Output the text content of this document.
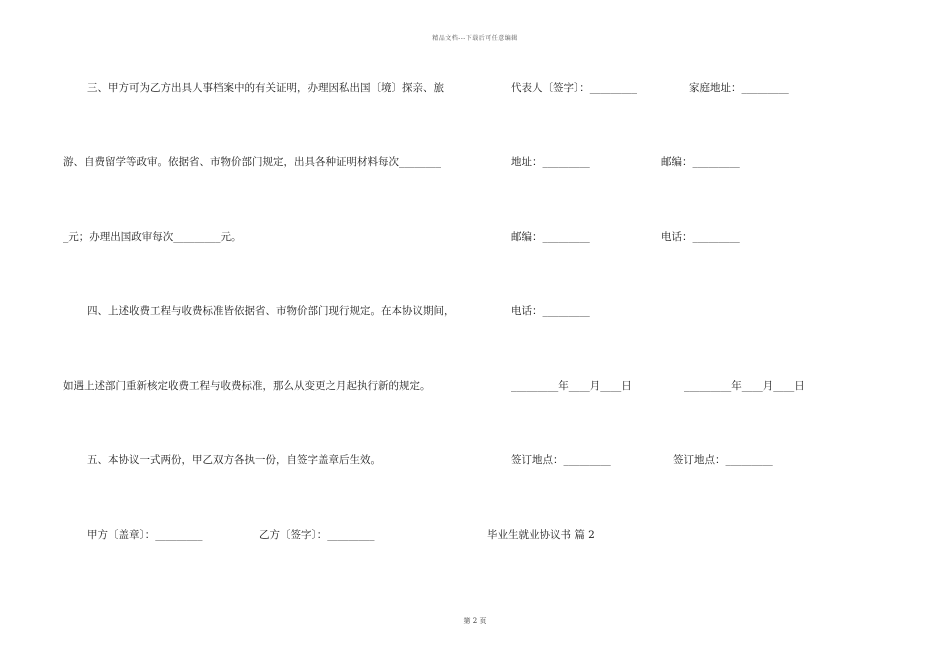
精品文档---下载后可任意编辑
三、甲方可为乙方出具人事档案中的有关证明，办理因私出国〔境〕探亲、旅
游、自费留学等政审。依据省、市物价部门规定，出具各种证明材料每次________
_元；办理出国政审每次_________元。
四、上述收费工程与收费标准皆依据省、市物价部门现行规定。在本协议期间，
如遇上述部门重新核定收费工程与收费标准，那么从变更之月起执行新的规定。
五、本协议一式两份，甲乙双方各执一份，自签字盖章后生效。
甲方〔盖章〕：_________	乙方〔签字〕：_________
代表人〔签字〕：_________	家庭地址：_________
地址：_________	邮编：_________
邮编：_________	电话：_________
电话：_________
_________年____月____日	_________年____月____日
签订地点：_________	签订地点：_________
毕业生就业协议书 篇 2
第 2 页
